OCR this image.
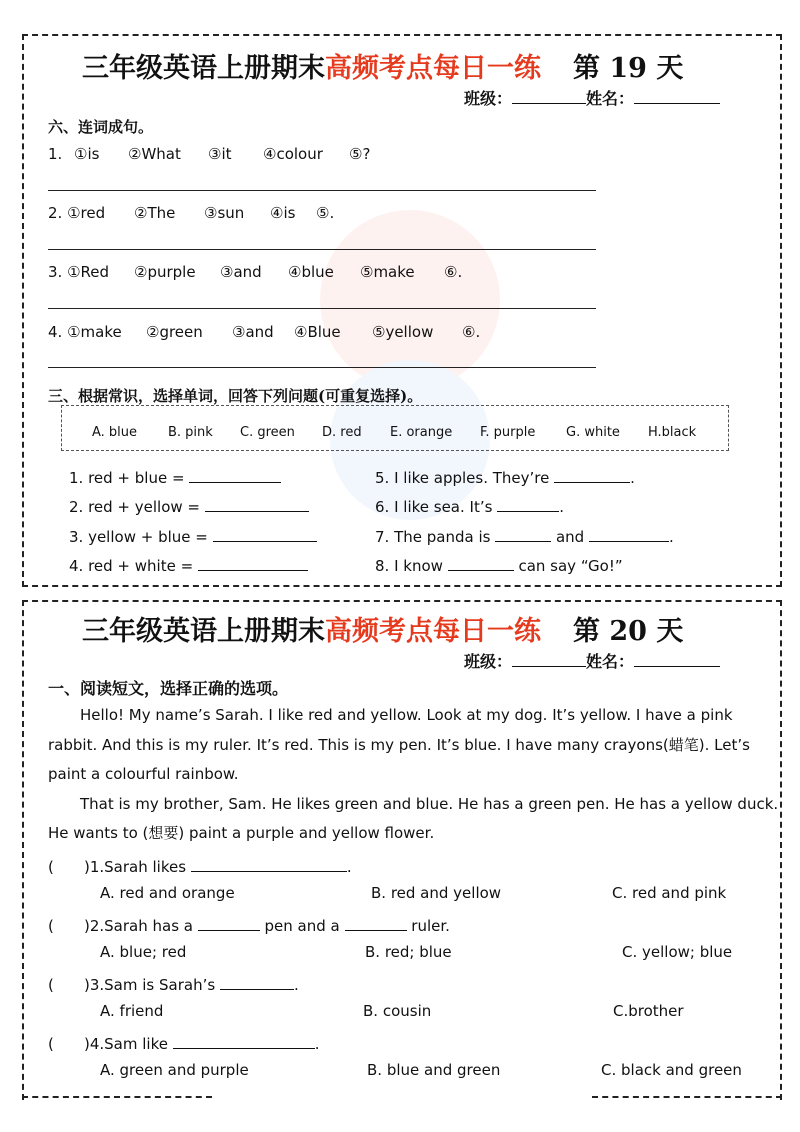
三年级英语上册期末高频考点每日一练 第 19 天
班级：	姓名：
六、连词成句。
1. ①is ②What ③it ④colour ⑤?
2. ①red ②The ③sun ④is ⑤.
3. ①Red ②purple ③and ④blue ⑤make ⑥.
4. ①make ②green ③and ④Blue ⑤yellow ⑥.
三、根据常识，选择单词，回答下列问题(可重复选择)。
A. blue B. pink C. green D. red E. orange F. purple G. white H.black
1. red + blue =
2. red + yellow =
3. yellow + blue =
4. red + white =
5. I like apples. They’re	.
6. I like sea. It’s	.
7. The panda is	and	.
8. I know	can say “Go!”
三年级英语上册期末高频考点每日一练 第 20 天
班级：	姓名：
一、阅读短文，选择正确的选项。
Hello! My name’s Sarah. I like red and yellow. Look at my dog. It’s yellow. I have a pink
rabbit. And this is my ruler. It’s red. This is my pen. It’s blue. I have many crayons(蜡笔). Let’s
paint a colourful rainbow.
That is my brother, Sam. He likes green and blue. He has a green pen. He has a yellow duck.
He wants to (想要) paint a purple and yellow flower.
( )1.Sarah likes	.
A. red and orange	B. red and yellow	C. red and pink
( )2.Sarah has a	pen and a	ruler.
A. blue; red	B. red; blue	C. yellow; blue
( )3.Sam is Sarah’s	.
A. friend	B. cousin	C.brother
( )4.Sam like	.
A. green and purple	B. blue and green	C. black and green
